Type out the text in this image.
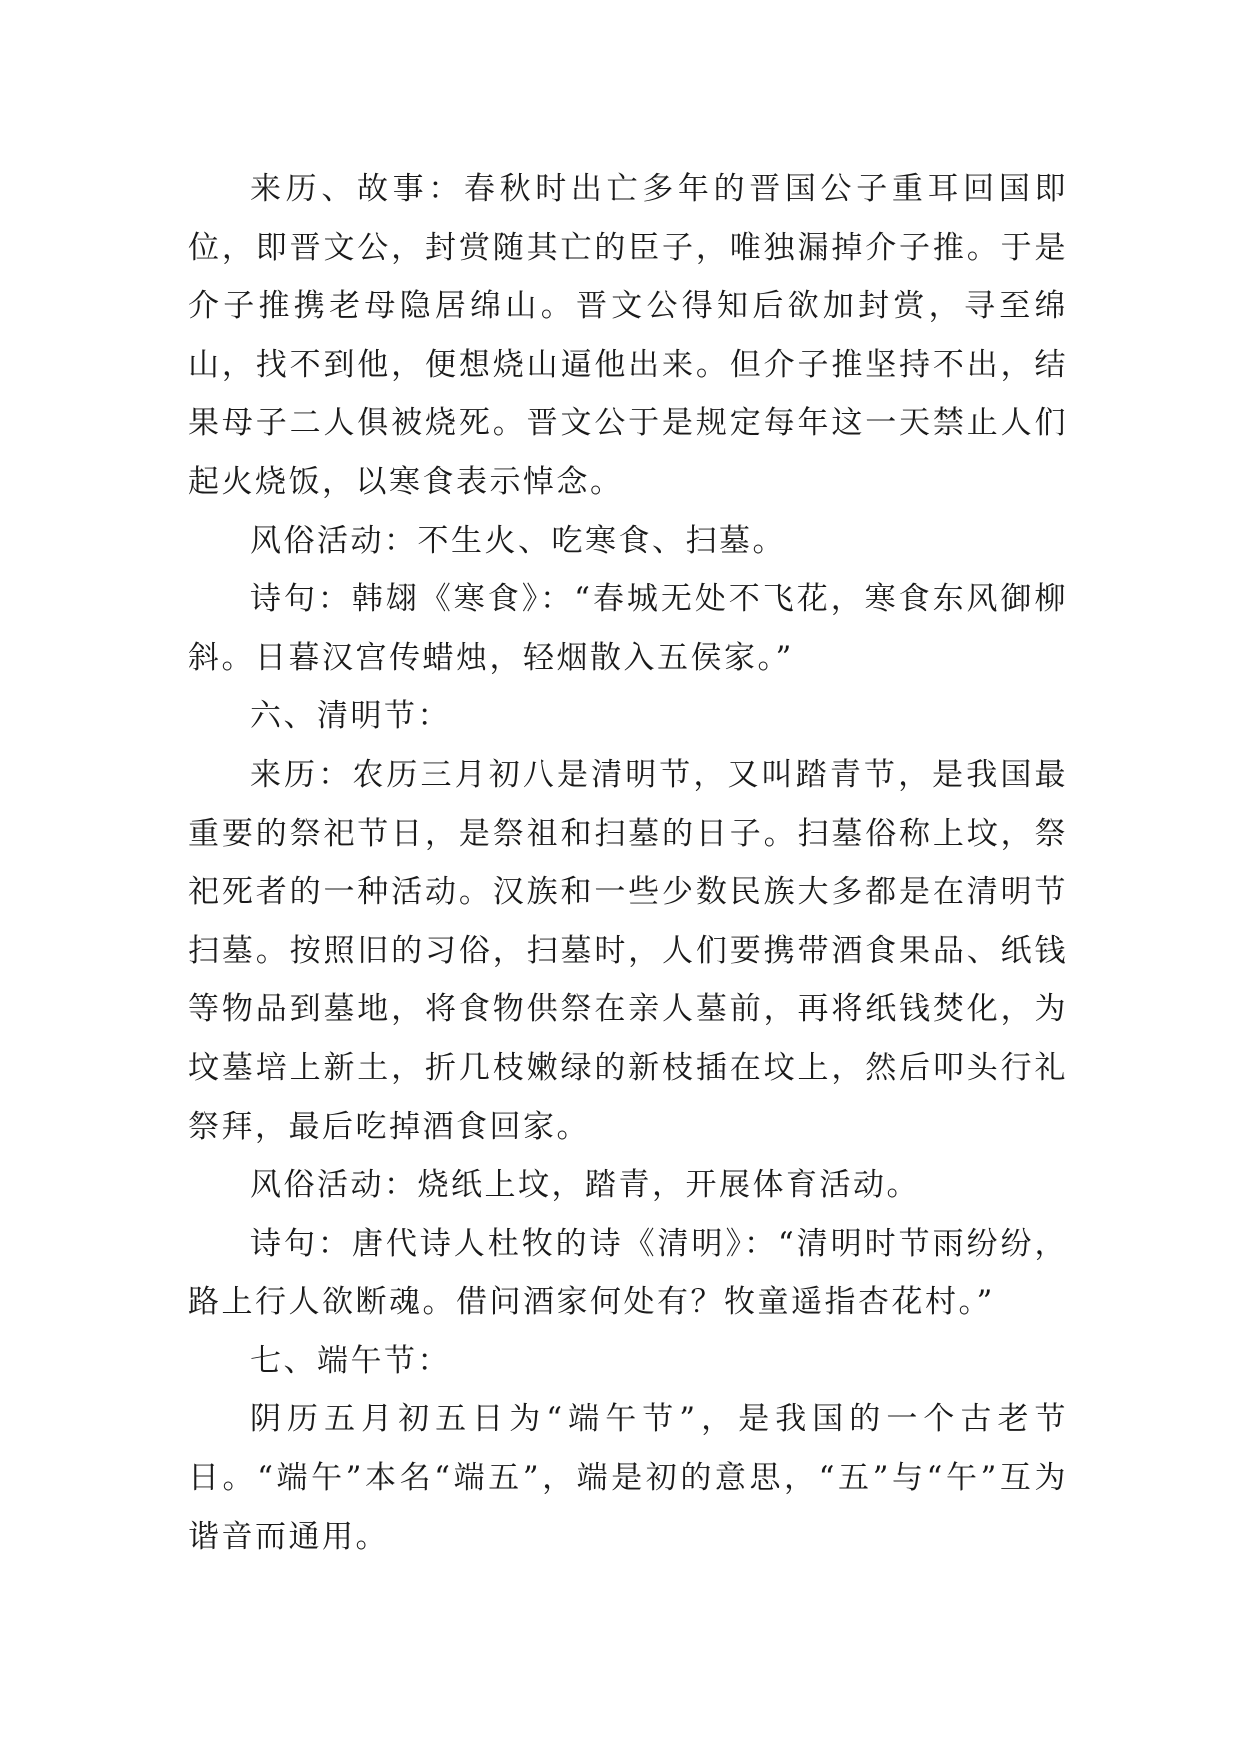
来历、故事：春秋时出亡多年的晋国公子重耳回国即位，即晋文公，封赏随其亡的臣子，唯独漏掉介子推。于是介子推携老母隐居绵山。晋文公得知后欲加封赏，寻至绵山，找不到他，便想烧山逼他出来。但介子推坚持不出，结果母子二人俱被烧死。晋文公于是规定每年这一天禁止人们起火烧饭，以寒食表示悼念。

风俗活动：不生火、吃寒食、扫墓。

诗句：韩翃《寒食》：“春城无处不飞花，寒食东风御柳斜。日暮汉宫传蜡烛，轻烟散入五侯家。”

六、清明节：

来历：农历三月初八是清明节，又叫踏青节，是我国最重要的祭祀节日，是祭祖和扫墓的日子。扫墓俗称上坟，祭祀死者的一种活动。汉族和一些少数民族大多都是在清明节扫墓。按照旧的习俗，扫墓时，人们要携带酒食果品、纸钱等物品到墓地，将食物供祭在亲人墓前，再将纸钱焚化，为坟墓培上新土，折几枝嫩绿的新枝插在坟上，然后叩头行礼祭拜，最后吃掉酒食回家。

风俗活动：烧纸上坟，踏青，开展体育活动。

诗句：唐代诗人杜牧的诗《清明》：“清明时节雨纷纷，路上行人欲断魂。借问酒家何处有？牧童遥指杏花村。”

七、端午节：

阴历五月初五日为“端午节”，是我国的一个古老节日。“端午”本名“端五”，端是初的意思，“五”与“午”互为谐音而通用。
